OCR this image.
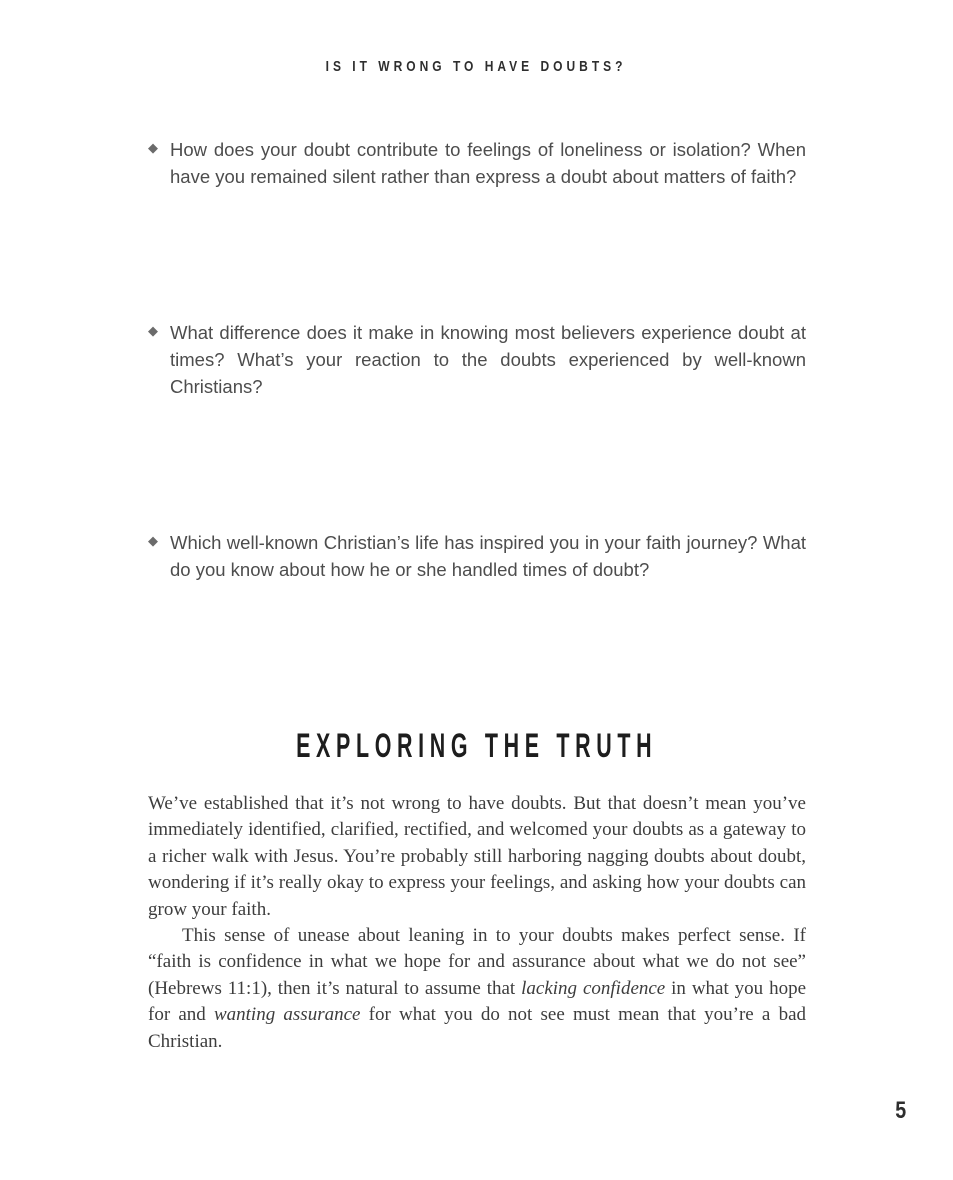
IS IT WRONG TO HAVE DOUBTS?
◆ How does your doubt contribute to feelings of loneliness or isolation? When have you remained silent rather than express a doubt about matters of faith?
◆ What difference does it make in knowing most believers experience doubt at times? What’s your reaction to the doubts experienced by well-known Christians?
◆ Which well-known Christian’s life has inspired you in your faith journey? What do you know about how he or she handled times of doubt?
EXPLORING THE TRUTH

We’ve established that it’s not wrong to have doubts. But that doesn’t mean you’ve immediately identified, clarified, rectified, and welcomed your doubts as a gateway to a richer walk with Jesus. You’re probably still harboring nagging doubts about doubt, wondering if it’s really okay to express your feelings, and asking how your doubts can grow your faith.

This sense of unease about leaning in to your doubts makes perfect sense. If “faith is confidence in what we hope for and assurance about what we do not see” (Hebrews 11:1), then it’s natural to assume that lacking confidence in what you hope for and wanting assurance for what you do not see must mean that you’re a bad Christian.

5
